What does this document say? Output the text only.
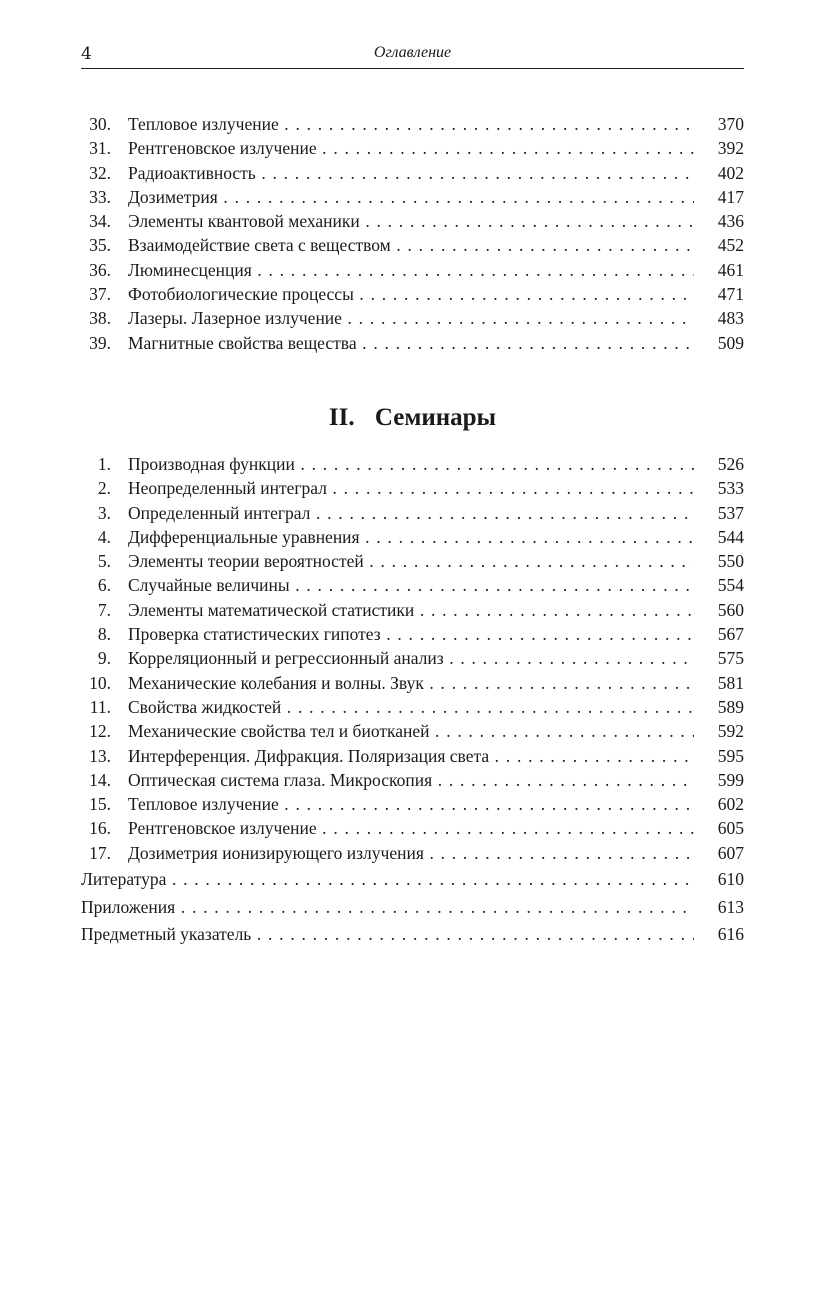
4	Оглавление
30. Тепловое излучение . . .	370
31. Рентгеновское излучение . . .	392
32. Радиоактивность . . .	402
33. Дозиметрия . . .	417
34. Элементы квантовой механики . . .	436
35. Взаимодействие света с веществом . . .	452
36. Люминесценция . . .	461
37. Фотобиологические процессы . . .	471
38. Лазеры. Лазерное излучение . . .	483
39. Магнитные свойства вещества . . .	509
II. Семинары
1. Производная функции . . .	526
2. Неопределенный интеграл . . .	533
3. Определенный интеграл . . .	537
4. Дифференциальные уравнения . . .	544
5. Элементы теории вероятностей . . .	550
6. Случайные величины . . .	554
7. Элементы математической статистики . . .	560
8. Проверка статистических гипотез . . .	567
9. Корреляционный и регрессионный анализ . . .	575
10. Механические колебания и волны. Звук . . .	581
11. Свойства жидкостей . . .	589
12. Механические свойства тел и биотканей . . .	592
13. Интерференция. Дифракция. Поляризация света . . .	595
14. Оптическая система глаза. Микроскопия . . .	599
15. Тепловое излучение . . .	602
16. Рентгеновское излучение . . .	605
17. Дозиметрия ионизирующего излучения . . .	607
Литература . . .	610
Приложения . . .	613
Предметный указатель . . .	616
